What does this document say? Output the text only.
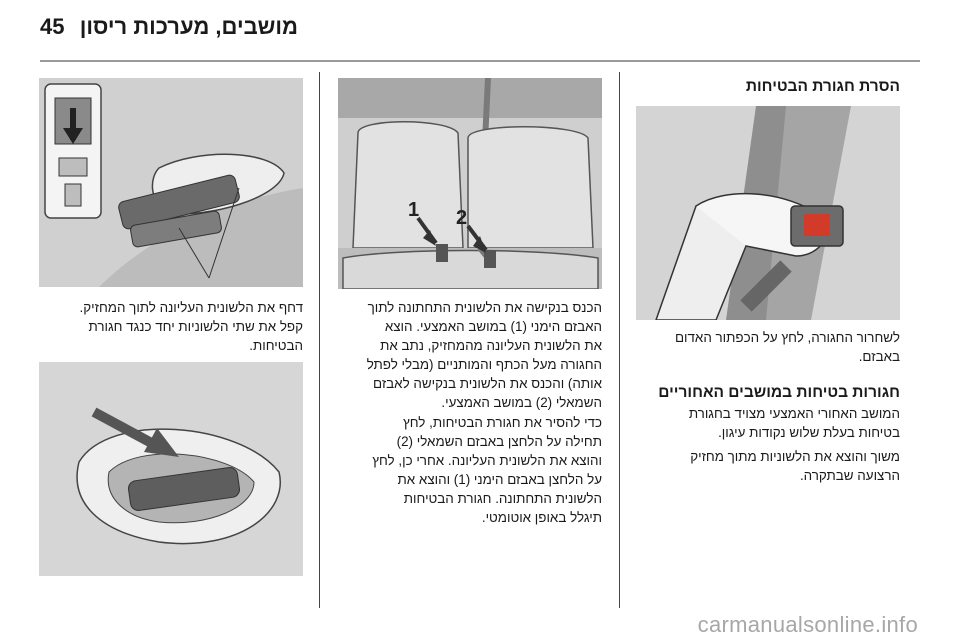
45 מושבים, מערכות ריסון
הסרת חגורת הבטיחות
לשחרור החגורה, לחץ על הכפתור האדום
באבזם.
חגורות בטיחות במושבים האחוריים
המושב האחורי האמצעי מצויד בחגורת
בטיחות בעלת שלוש נקודות עיגון.
משוך והוצא את הלשוניות מתוך מחזיק
הרצועה שבתקרה.
1 2
הכנס בנקישה את הלשונית התחתונה לתוך
האבזם הימני (1) במושב האמצעי. הוצא
את הלשונית העליונה מהמחזיק, נתב את
החגורה מעל הכתף והמותניים (מבלי לפתל
אותה) והכנס את הלשונית בנקישה לאבזם
השמאלי (2) במושב האמצעי.
כדי להסיר את חגורת הבטיחות, לחץ
תחילה על הלחצן באבזם השמאלי (2)
והוצא את הלשונית העליונה. אחרי כן, לחץ
על הלחצן באבזם הימני (1) והוצא את
הלשונית התחתונה. חגורת הבטיחות
תיגלל באופן אוטומטי.
דחף את הלשונית העליונה לתוך המחזיק.
קפל את שתי הלשוניות יחד כנגד חגורת
הבטיחות.
carmanualsonline.info
